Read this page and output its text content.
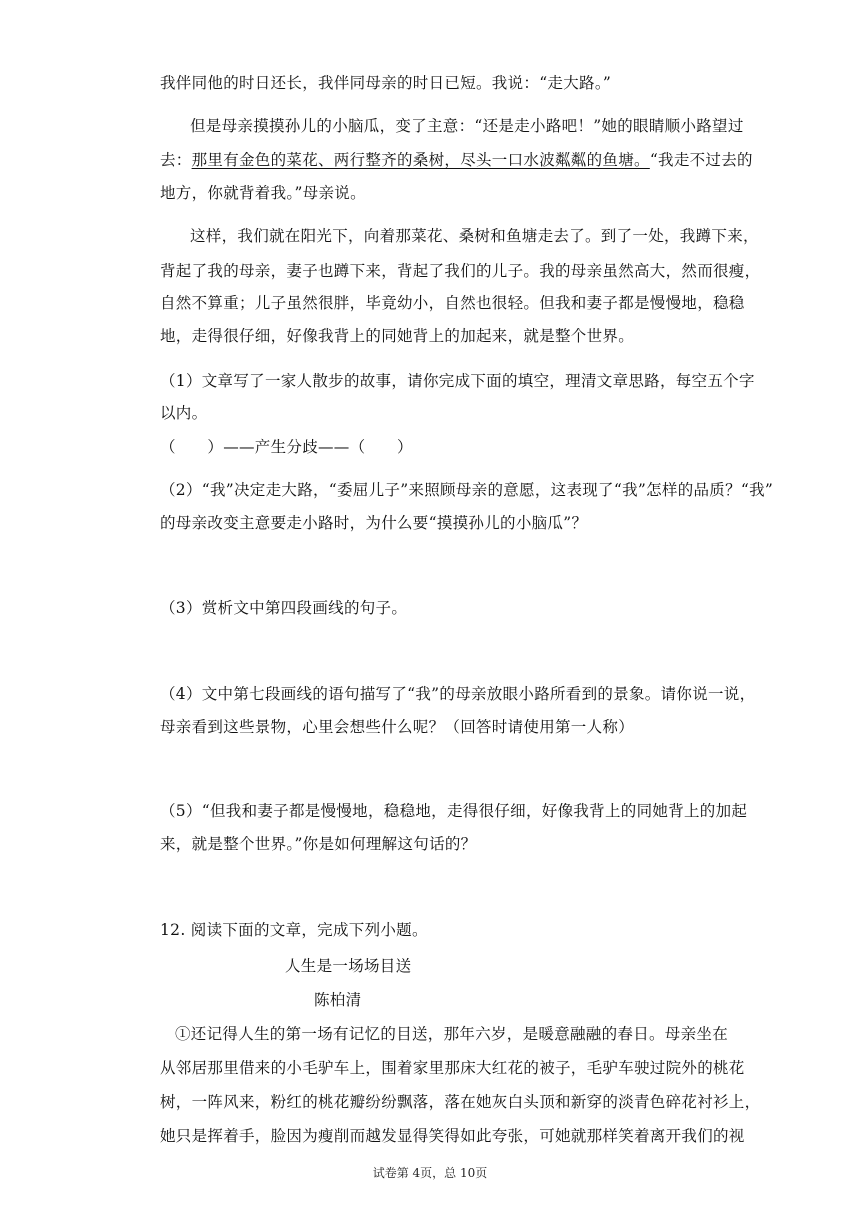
我伴同他的时日还长，我伴同母亲的时日已短。我说：“走大路。”
但是母亲摸摸孙儿的小脑瓜，变了主意：“还是走小路吧！”她的眼睛顺小路望过
去：那里有金色的菜花、两行整齐的桑树，尽头一口水波粼粼的鱼塘。“我走不过去的
地方，你就背着我。”母亲说。
这样，我们就在阳光下，向着那菜花、桑树和鱼塘走去了。到了一处，我蹲下来，
背起了我的母亲，妻子也蹲下来，背起了我们的儿子。我的母亲虽然高大，然而很瘦，
自然不算重；儿子虽然很胖，毕竟幼小，自然也很轻。但我和妻子都是慢慢地，稳稳
地，走得很仔细，好像我背上的同她背上的加起来，就是整个世界。
（1）文章写了一家人散步的故事，请你完成下面的填空，理清文章思路，每空五个字
以内。
（　　）——产生分歧——（　　）
（2）“我”决定走大路，“委屈儿子”来照顾母亲的意愿，这表现了“我”怎样的品质？“我”
的母亲改变主意要走小路时，为什么要“摸摸孙儿的小脑瓜”？
（3）赏析文中第四段画线的句子。
（4）文中第七段画线的语句描写了“我”的母亲放眼小路所看到的景象。请你说一说，
母亲看到这些景物，心里会想些什么呢？（回答时请使用第一人称）
（5）“但我和妻子都是慢慢地，稳稳地，走得很仔细，好像我背上的同她背上的加起
来，就是整个世界。”你是如何理解这句话的？
12. 阅读下面的文章，完成下列小题。
人生是一场场目送
陈柏清
①还记得人生的第一场有记忆的目送，那年六岁，是暖意融融的春日。母亲坐在
从邻居那里借来的小毛驴车上，围着家里那床大红花的被子，毛驴车驶过院外的桃花
树，一阵风来，粉红的桃花瓣纷纷飘落，落在她灰白头顶和新穿的淡青色碎花衬衫上，
她只是挥着手，脸因为瘦削而越发显得笑得如此夸张，可她就那样笑着离开我们的视
试卷第 4页，总 10页
